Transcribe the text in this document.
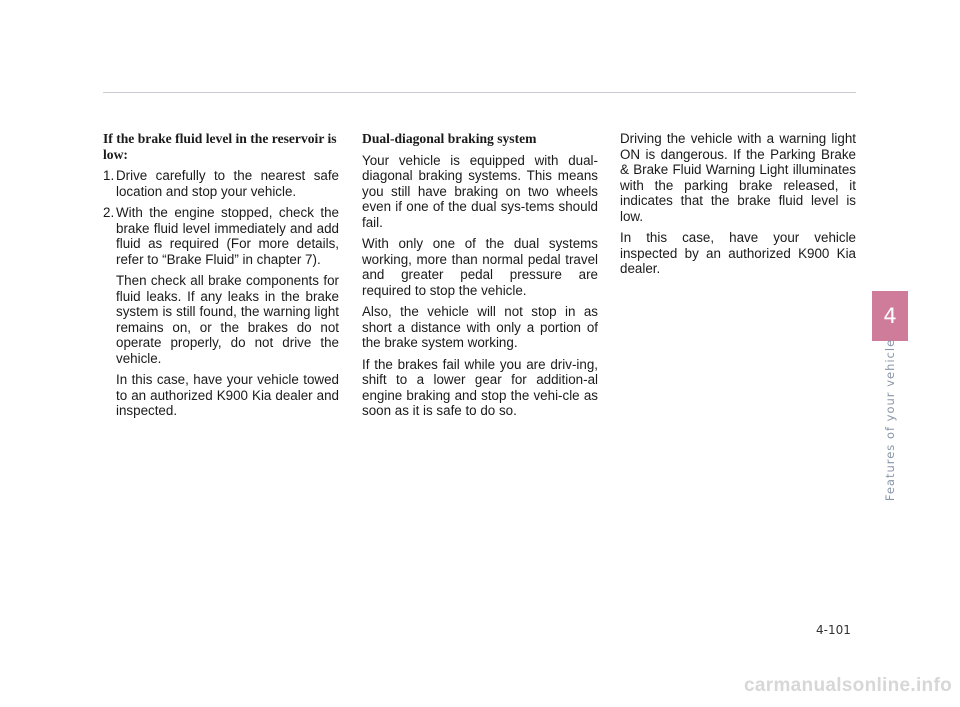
If the brake fluid level in the reservoir is low:
1. Drive carefully to the nearest safe location and stop your vehicle.
2. With the engine stopped, check the brake fluid level immediately and add fluid as required (For more details, refer to “Brake Fluid” in chapter 7).

Then check all brake components for fluid leaks. If any leaks in the brake system is still found, the warning light remains on, or the brakes do not operate properly, do not drive the vehicle.

In this case, have your vehicle towed to an authorized K900 Kia dealer and inspected.

Dual-diagonal braking system

Your vehicle is equipped with dual-diagonal braking systems. This means you still have braking on two wheels even if one of the dual sys-tems should fail.

With only one of the dual systems working, more than normal pedal travel and greater pedal pressure are required to stop the vehicle.

Also, the vehicle will not stop in as short a distance with only a portion of the brake system working.

If the brakes fail while you are driv-ing, shift to a lower gear for addition-al engine braking and stop the vehi-cle as soon as it is safe to do so.

Driving the vehicle with a warning light ON is dangerous. If the Parking Brake & Brake Fluid Warning Light illuminates with the parking brake released, it indicates that the brake fluid level is low.

In this case, have your vehicle inspected by an authorized K900 Kia dealer.

4
Features of your vehicle
4-101
carmanualsonline.info
